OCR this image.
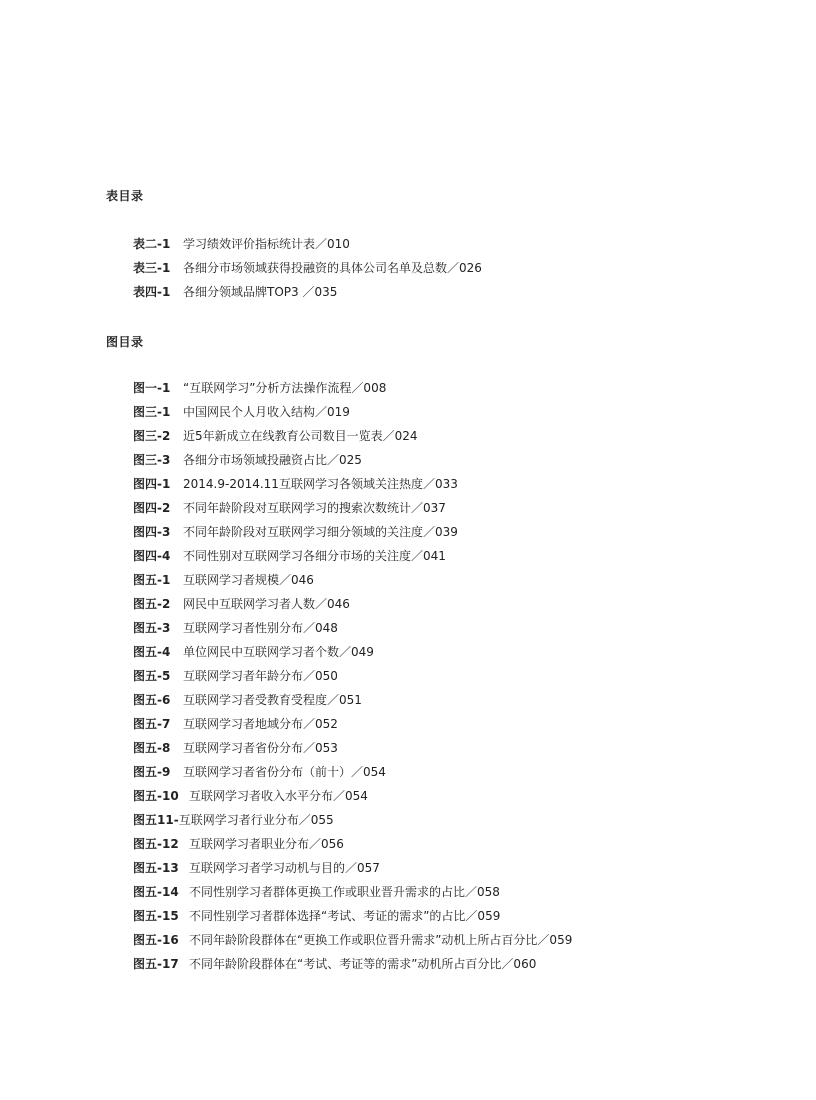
表目录
表二-1 学习绩效评价指标统计表／010
表三-1 各细分市场领域获得投融资的具体公司名单及总数／026
表四-1 各细分领域品牌TOP3 ／035
图目录
图一-1 “互联网学习”分析方法操作流程／008
图三-1 中国网民个人月收入结构／019
图三-2 近5年新成立在线教育公司数目一览表／024
图三-3 各细分市场领域投融资占比／025
图四-1 2014.9-2014.11互联网学习各领域关注热度／033
图四-2 不同年龄阶段对互联网学习的搜索次数统计／037
图四-3 不同年龄阶段对互联网学习细分领域的关注度／039
图四-4 不同性别对互联网学习各细分市场的关注度／041
图五-1 互联网学习者规模／046
图五-2 网民中互联网学习者人数／046
图五-3 互联网学习者性别分布／048
图五-4 单位网民中互联网学习者个数／049
图五-5 互联网学习者年龄分布／050
图五-6 互联网学习者受教育受程度／051
图五-7 互联网学习者地域分布／052
图五-8 互联网学习者省份分布／053
图五-9 互联网学习者省份分布（前十）／054
图五-10 互联网学习者收入水平分布／054
图五11-互联网学习者行业分布／055
图五-12 互联网学习者职业分布／056
图五-13 互联网学习者学习动机与目的／057
图五-14 不同性别学习者群体更换工作或职业晋升需求的占比／058
图五-15 不同性别学习者群体选择“考试、考证的需求”的占比／059
图五-16 不同年龄阶段群体在“更换工作或职位晋升需求”动机上所占百分比／059
图五-17 不同年龄阶段群体在“考试、考证等的需求”动机所占百分比／060
